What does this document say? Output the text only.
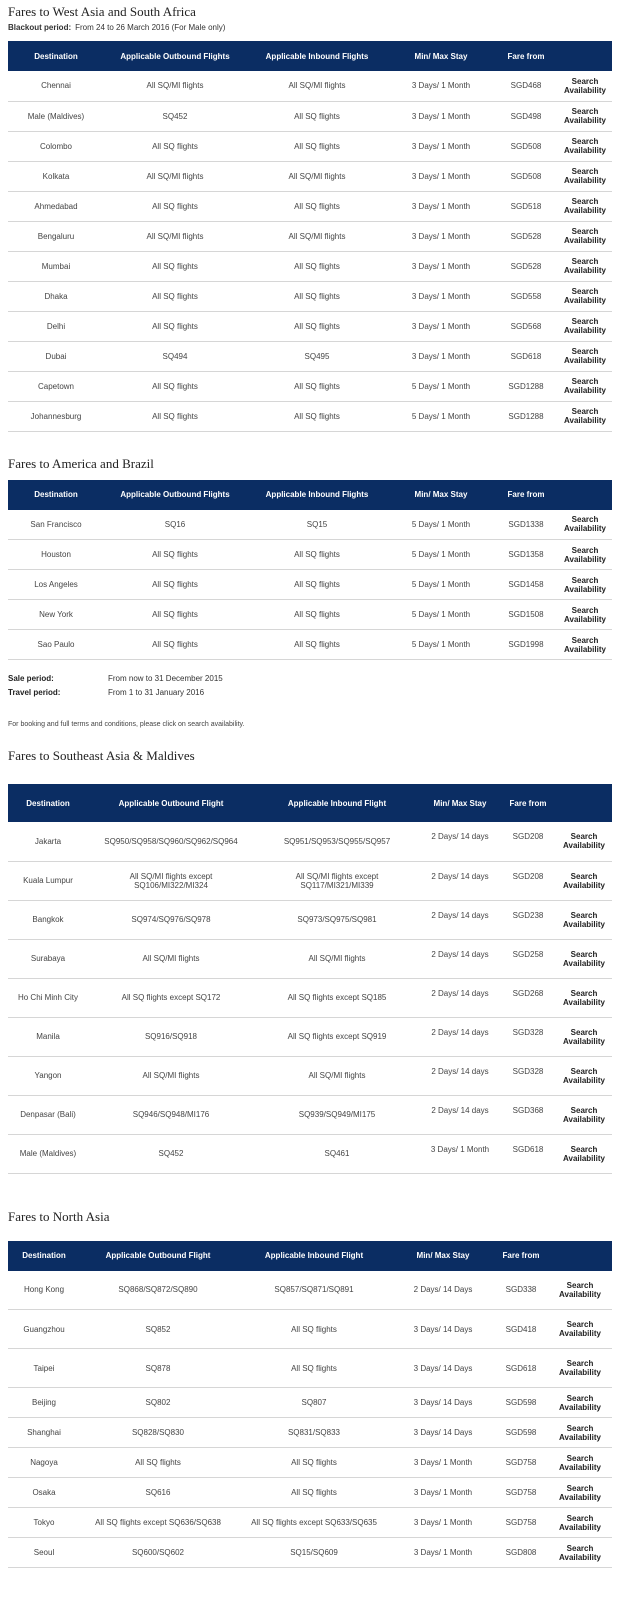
Fares to West Asia and South Africa
Blackout period: From 24 to 26 March 2016 (For Male only)
Destination	Applicable Outbound Flights	Applicable Inbound Flights	Min/ Max Stay	Fare from	
Chennai	All SQ/MI flights	All SQ/MI flights	3 Days/ 1 Month	SGD468	Search Availability
Male (Maldives)	SQ452	All SQ flights	3 Days/ 1 Month	SGD498	Search Availability
Colombo	All SQ flights	All SQ flights	3 Days/ 1 Month	SGD508	Search Availability
Kolkata	All SQ/MI flights	All SQ/MI flights	3 Days/ 1 Month	SGD508	Search Availability
Ahmedabad	All SQ flights	All SQ flights	3 Days/ 1 Month	SGD518	Search Availability
Bengaluru	All SQ/MI flights	All SQ/MI flights	3 Days/ 1 Month	SGD528	Search Availability
Mumbai	All SQ flights	All SQ flights	3 Days/ 1 Month	SGD528	Search Availability
Dhaka	All SQ flights	All SQ flights	3 Days/ 1 Month	SGD558	Search Availability
Delhi	All SQ flights	All SQ flights	3 Days/ 1 Month	SGD568	Search Availability
Dubai	SQ494	SQ495	3 Days/ 1 Month	SGD618	Search Availability
Capetown	All SQ flights	All SQ flights	5 Days/ 1 Month	SGD1288	Search Availability
Johannesburg	All SQ flights	All SQ flights	5 Days/ 1 Month	SGD1288	Search Availability
Fares to America and Brazil
Destination	Applicable Outbound Flights	Applicable Inbound Flights	Min/ Max Stay	Fare from	
San Francisco	SQ16	SQ15	5 Days/ 1 Month	SGD1338	Search Availability
Houston	All SQ flights	All SQ flights	5 Days/ 1 Month	SGD1358	Search Availability
Los Angeles	All SQ flights	All SQ flights	5 Days/ 1 Month	SGD1458	Search Availability
New York	All SQ flights	All SQ flights	5 Days/ 1 Month	SGD1508	Search Availability
Sao Paulo	All SQ flights	All SQ flights	5 Days/ 1 Month	SGD1998	Search Availability
Sale period:	From now to 31 December 2015
Travel period:	From 1 to 31 January 2016
For booking and full terms and conditions, please click on search availability.
Fares to Southeast Asia & Maldives
Destination	Applicable Outbound Flight	Applicable Inbound Flight	Min/ Max Stay	Fare from	
Jakarta	SQ950/SQ958/SQ960/SQ962/SQ964	SQ951/SQ953/SQ955/SQ957	2 Days/ 14 days	SGD208	Search Availability
Kuala Lumpur	All SQ/MI flights except SQ106/MI322/MI324	All SQ/MI flights except SQ117/MI321/MI339	2 Days/ 14 days	SGD208	Search Availability
Bangkok	SQ974/SQ976/SQ978	SQ973/SQ975/SQ981	2 Days/ 14 days	SGD238	Search Availability
Surabaya	All SQ/MI flights	All SQ/MI flights	2 Days/ 14 days	SGD258	Search Availability
Ho Chi Minh City	All SQ flights except SQ172	All SQ flights except SQ185	2 Days/ 14 days	SGD268	Search Availability
Manila	SQ916/SQ918	All SQ flights except SQ919	2 Days/ 14 days	SGD328	Search Availability
Yangon	All SQ/MI flights	All SQ/MI flights	2 Days/ 14 days	SGD328	Search Availability
Denpasar (Bali)	SQ946/SQ948/MI176	SQ939/SQ949/MI175	2 Days/ 14 days	SGD368	Search Availability
Male (Maldives)	SQ452	SQ461	3 Days/ 1 Month	SGD618	Search Availability
Fares to North Asia
Destination	Applicable Outbound Flight	Applicable Inbound Flight	Min/ Max Stay	Fare from	
Hong Kong	SQ868/SQ872/SQ890	SQ857/SQ871/SQ891	2 Days/ 14 Days	SGD338	Search Availability
Guangzhou	SQ852	All SQ flights	3 Days/ 14 Days	SGD418	Search Availability
Taipei	SQ878	All SQ flights	3 Days/ 14 Days	SGD618	Search Availability
Beijing	SQ802	SQ807	3 Days/ 14 Days	SGD598	Search Availability
Shanghai	SQ828/SQ830	SQ831/SQ833	3 Days/ 14 Days	SGD598	Search Availability
Nagoya	All SQ flights	All SQ flights	3 Days/ 1 Month	SGD758	Search Availability
Osaka	SQ616	All SQ flights	3 Days/ 1 Month	SGD758	Search Availability
Tokyo	All SQ flights except SQ636/SQ638	All SQ flights except SQ633/SQ635	3 Days/ 1 Month	SGD758	Search Availability
Seoul	SQ600/SQ602	SQ15/SQ609	3 Days/ 1 Month	SGD808	Search Availability
